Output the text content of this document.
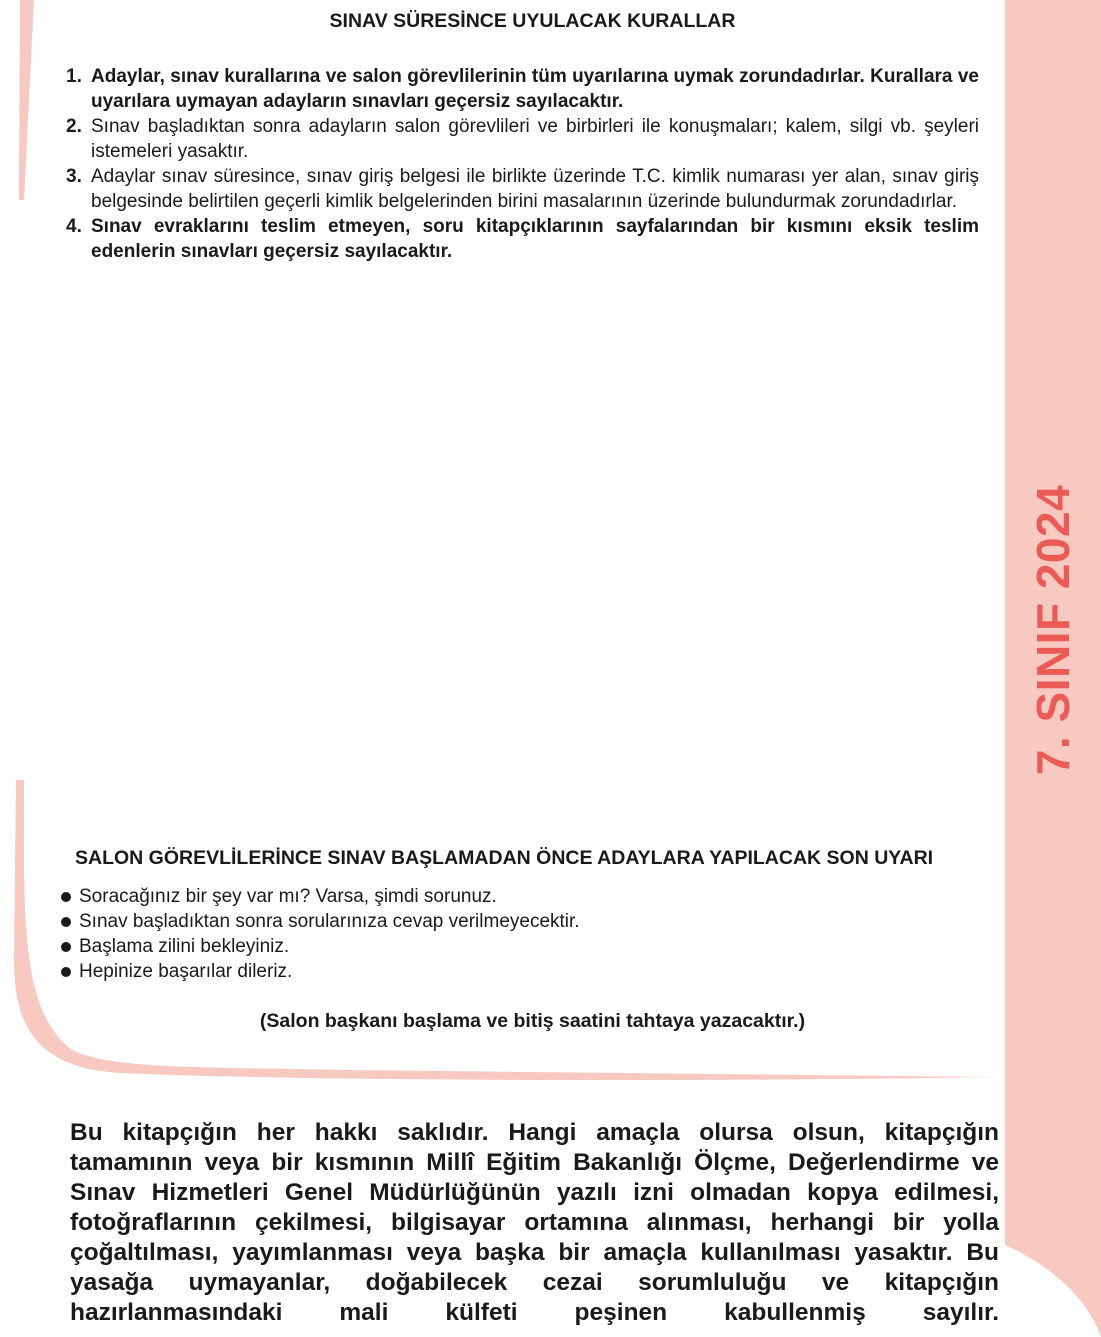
7. SINIF 2024
SINAV SÜRESİNCE UYULACAK KURALLAR
1. Adaylar, sınav kurallarına ve salon görevlilerinin tüm uyarılarına uymak zorundadırlar. Kurallara ve uyarılara uymayan adayların sınavları geçersiz sayılacaktır.
2. Sınav başladıktan sonra adayların salon görevlileri ve birbirleri ile konuşmaları; kalem, silgi vb. şeyleri istemeleri yasaktır.
3. Adaylar sınav süresince, sınav giriş belgesi ile birlikte üzerinde T.C. kimlik numarası yer alan, sınav giriş belgesinde belirtilen geçerli kimlik belgelerinden birini masalarının üzerinde bulundurmak zorundadırlar.
4. Sınav evraklarını teslim etmeyen, soru kitapçıklarının sayfalarından bir kısmını eksik teslim edenlerin sınavları geçersiz sayılacaktır.
SALON GÖREVLİLERİNCE SINAV BAŞLAMADAN ÖNCE ADAYLARA YAPILACAK SON UYARI
Soracağınız bir şey var mı? Varsa, şimdi sorunuz.
Sınav başladıktan sonra sorularınıza cevap verilmeyecektir.
Başlama zilini bekleyiniz.
Hepinize başarılar dileriz.

(Salon başkanı başlama ve bitiş saatini tahtaya yazacaktır.)

Bu kitapçığın her hakkı saklıdır. Hangi amaçla olursa olsun, kitapçığın tamamının veya bir kısmının Millî Eğitim Bakanlığı Ölçme, Değerlendirme ve Sınav Hizmetleri Genel Müdürlüğünün yazılı izni olmadan kopya edilmesi, fotoğraflarının çekilmesi, bilgisayar ortamına alınması, herhangi bir yolla çoğaltılması, yayımlanması veya başka bir amaçla kullanılması yasaktır. Bu yasağa uymayanlar, doğabilecek cezai sorumluluğu ve kitapçığın hazırlanmasındaki mali külfeti peşinen kabullenmiş sayılır.
